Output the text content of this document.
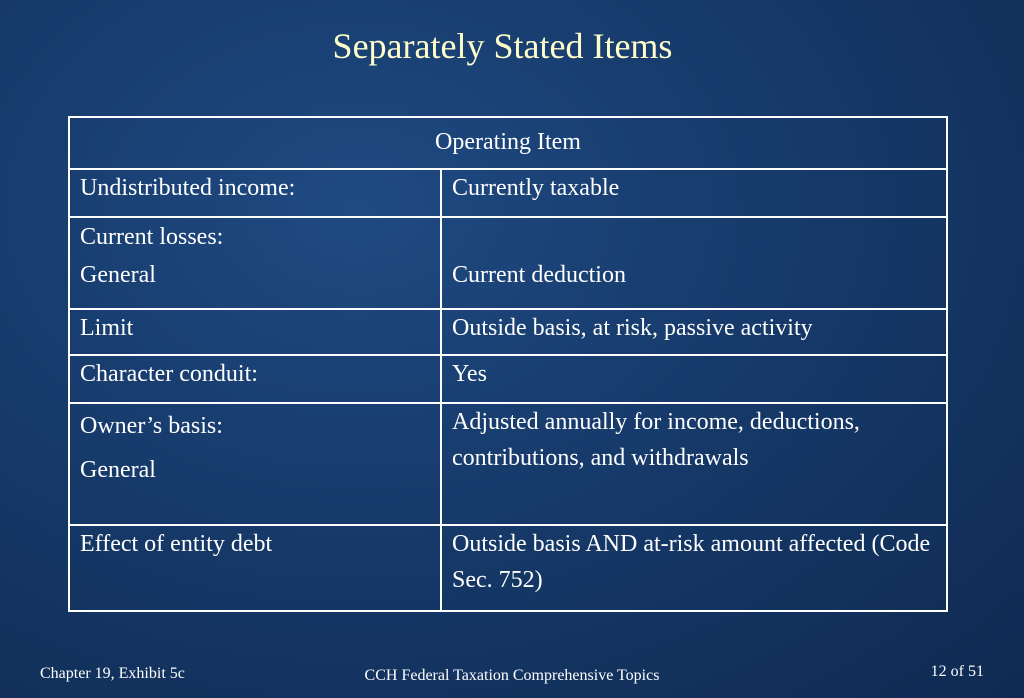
Separately Stated Items
Operating Item	
Undistributed income:	Currently taxable

Current losses:
General	Current deduction

Limit	Outside basis, at risk, passive activity
Character conduit:	Yes

Owner’s basis:
General	Adjusted annually for income, deductions, contributions, and withdrawals
Effect of entity debt	Outside basis AND at-risk amount affected (Code Sec. 752)
Chapter 19, Exhibit 5c	CCH Federal Taxation Comprehensive Topics	12 of 51
